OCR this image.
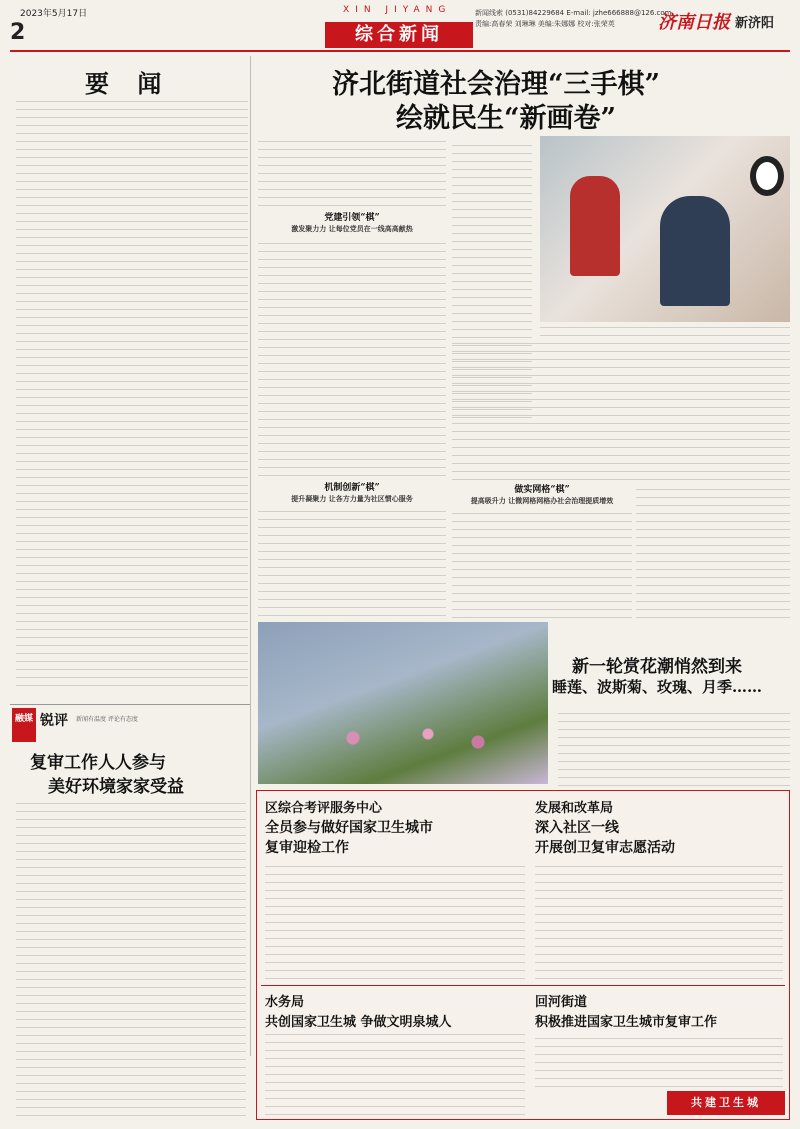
2023年5月17日
2
XIN JIYANG
综合新闻
新闻线索 (0531)84229684 E-mail: jzhe666888@126.com
责编:高春荣 刘琳琳 美编:朱娜娜 校对:张荣英	济南日报 新济阳
要 闻
融媒 锐评 新闻有温度 评论有态度
复审工作人人参与
美好环境家家受益
济北街道社会治理“三手棋”
绘就民生“新画卷”
党建引领“棋”
激发聚力力 让每位党员在一线高高献热
机制创新“棋”
提升凝聚力 让各方力量为社区惯心服务
做实网格“棋”
提高吸升力 让微网格网格办社会治理提质增效
新一轮赏花潮悄然到来
睡莲、波斯菊、玫瑰、月季……
区综合考评服务中心
全员参与做好国家卫生城市
复审迎检工作
发展和改革局
深入社区一线
开展创卫复审志愿活动
水务局
共创国家卫生城 争做文明泉城人
回河街道
积极推进国家卫生城市复审工作
共建卫生城
